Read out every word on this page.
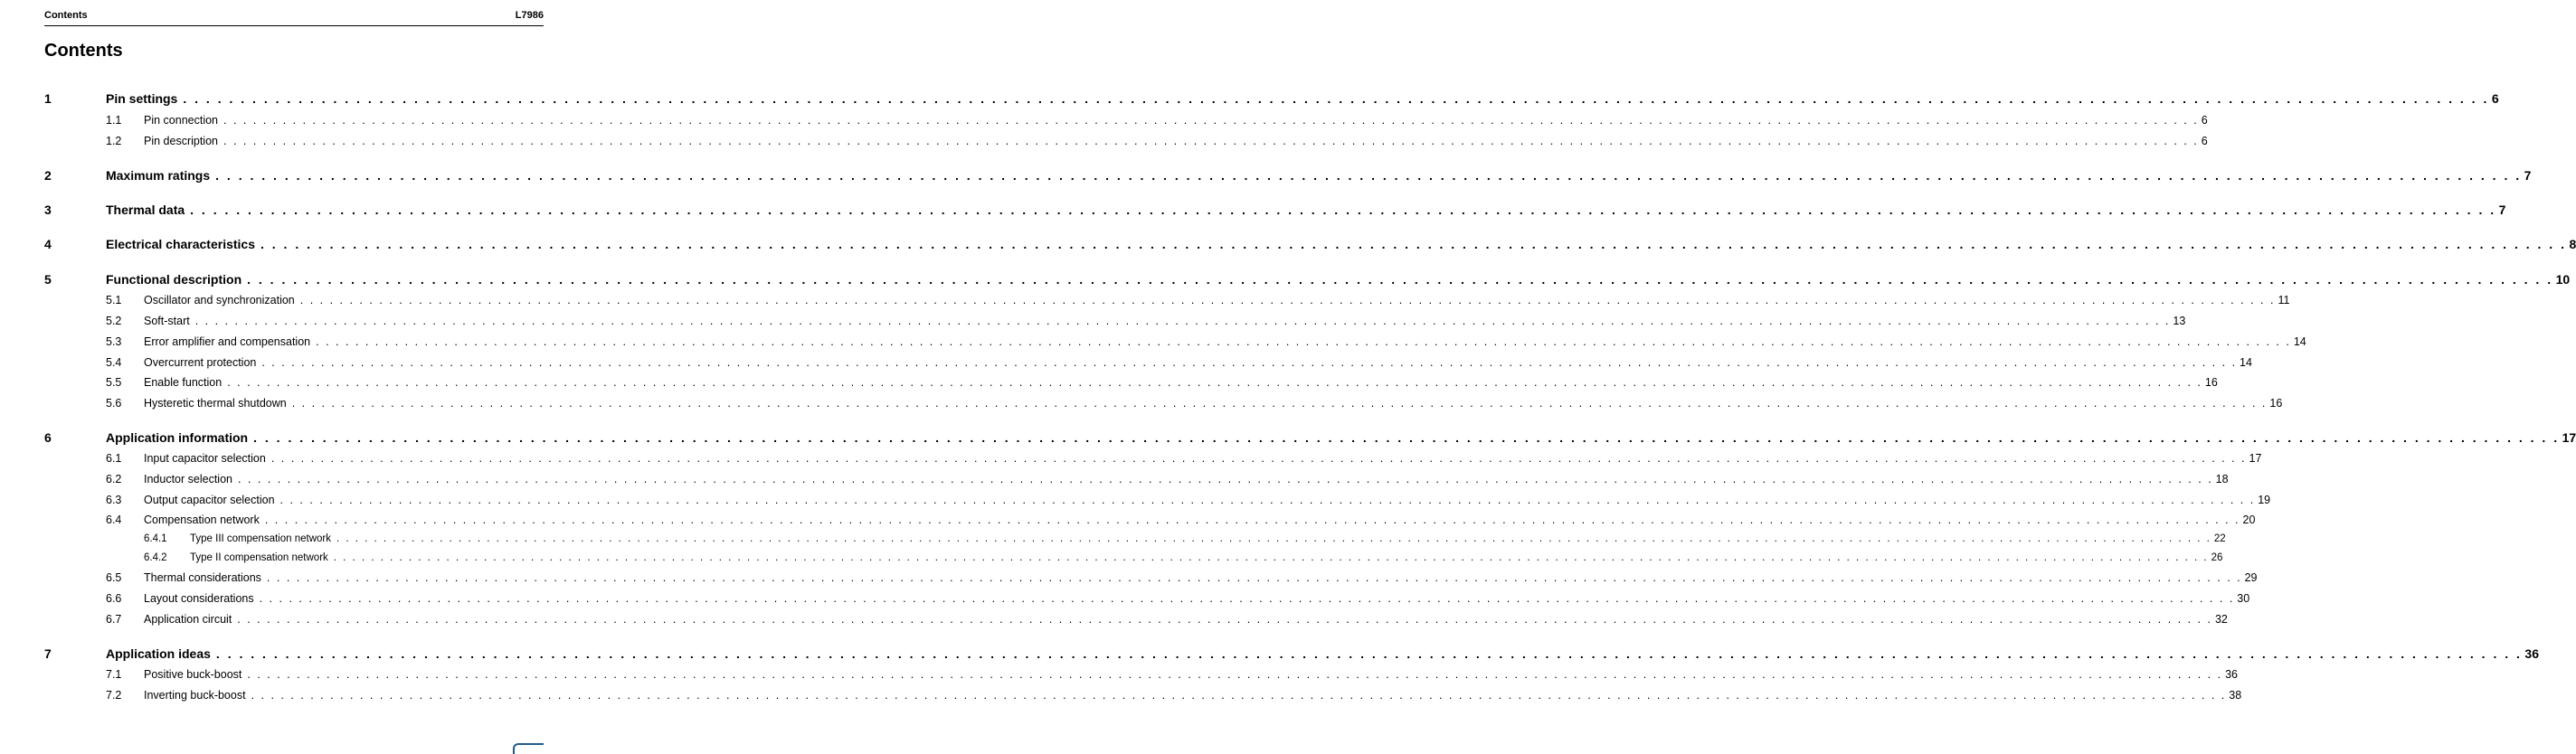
Contents	L7986
Contents
1	Pin settings . . . . . . . . . . . . . . . . . . . . . . . . . . . . . . . . . . . . . . . . . . . . . . . . . . . . . . . . . . . . . . . . . . . . . . . . . . . . . . . . . . . . . . . . . . . . . . . . . . . . . . . . . . . . . . . . . . . . . . . . . . . . . . . . . . . . . . . . . . . . . . . . . . . . . . . . . . . . . . . . . . . . . . . . . . . . . . . . . . . . . . . . . . . . . . . . . . . . . . . . 6
1.1 Pin connection . . . . . . . . . . . . . . . . . . . . . . . . . . . . . . . . . . . . . . . . . . . . . . . . . . . . . . . . . . . . . . . . . . . . . . . . . . . . . . . . . . . . . . . . . . . . . . . . . . . . . . . . . . . . . . . . . . . . . . . . . . . . . . . . . . . . . . . . . . . . . . . . . . . . . . . . . . . . . . . . . . . . . . . . . . . . . . . . . . . . . . . . . . . . . . . . . . . . . . . . 6
1.2 Pin description . . . . . . . . . . . . . . . . . . . . . . . . . . . . . . . . . . . . . . . . . . . . . . . . . . . . . . . . . . . . . . . . . . . . . . . . . . . . . . . . . . . . . . . . . . . . . . . . . . . . . . . . . . . . . . . . . . . . . . . . . . . . . . . . . . . . . . . . . . . . . . . . . . . . . . . . . . . . . . . . . . . . . . . . . . . . . . . . . . . . . . . . . . . . . . . . . . . . . . . . 6
2	Maximum ratings . . . . . . . . . . . . . . . . . . . . . . . . . . . . . . . . . . . . . . . . . . . . . . . . . . . . . . . . . . . . . . . . . . . . . . . . . . . . . . . . . . . . . . . . . . . . . . . . . . . . . . . . . . . . . . . . . . . . . . . . . . . . . . . . . . . . . . . . . . . . . . . . . . . . . . . . . . . . . . . . . . . . . . . . . . . . . . . . . . . . . . . . . . . . . . . . . . . . . . . . 7
3	Thermal data . . . . . . . . . . . . . . . . . . . . . . . . . . . . . . . . . . . . . . . . . . . . . . . . . . . . . . . . . . . . . . . . . . . . . . . . . . . . . . . . . . . . . . . . . . . . . . . . . . . . . . . . . . . . . . . . . . . . . . . . . . . . . . . . . . . . . . . . . . . . . . . . . . . . . . . . . . . . . . . . . . . . . . . . . . . . . . . . . . . . . . . . . . . . . . . . . . . . . . . . 7
4	Electrical characteristics . . . . . . . . . . . . . . . . . . . . . . . . . . . . . . . . . . . . . . . . . . . . . . . . . . . . . . . . . . . . . . . . . . . . . . . . . . . . . . . . . . . . . . . . . . . . . . . . . . . . . . . . . . . . . . . . . . . . . . . . . . . . . . . . . . . . . . . . . . . . . . . . . . . . . . . . . . . . . . . . . . . . . . . . . . . . . . . . . . . . . . . . . . . . . . . . . . . . . . . . 8
5	Functional description . . . . . . . . . . . . . . . . . . . . . . . . . . . . . . . . . . . . . . . . . . . . . . . . . . . . . . . . . . . . . . . . . . . . . . . . . . . . . . . . . . . . . . . . . . . . . . . . . . . . . . . . . . . . . . . . . . . . . . . . . . . . . . . . . . . . . . . . . . . . . . . . . . . . . . . . . . . . . . . . . . . . . . . . . . . . . . . . . . . . . . . . . . . . . . . . . . . . . . . . 10
5.1 Oscillator and synchronization . . . . . . . . . . . . . . . . . . . . . . . . . . . . . . . . . . . . . . . . . . . . . . . . . . . . . . . . . . . . . . . . . . . . . . . . . . . . . . . . . . . . . . . . . . . . . . . . . . . . . . . . . . . . . . . . . . . . . . . . . . . . . . . . . . . . . . . . . . . . . . . . . . . . . . . . . . . . . . . . . . . . . . . . . . . . . . . . . . . . . . . . . . . . . . . . . . . . . . . . 11
5.2 Soft-start . . . . . . . . . . . . . . . . . . . . . . . . . . . . . . . . . . . . . . . . . . . . . . . . . . . . . . . . . . . . . . . . . . . . . . . . . . . . . . . . . . . . . . . . . . . . . . . . . . . . . . . . . . . . . . . . . . . . . . . . . . . . . . . . . . . . . . . . . . . . . . . . . . . . . . . . . . . . . . . . . . . . . . . . . . . . . . . . . . . . . . . . . . . . . . . . . . . . . . . . 13
5.3 Error amplifier and compensation . . . . . . . . . . . . . . . . . . . . . . . . . . . . . . . . . . . . . . . . . . . . . . . . . . . . . . . . . . . . . . . . . . . . . . . . . . . . . . . . . . . . . . . . . . . . . . . . . . . . . . . . . . . . . . . . . . . . . . . . . . . . . . . . . . . . . . . . . . . . . . . . . . . . . . . . . . . . . . . . . . . . . . . . . . . . . . . . . . . . . . . . . . . . . . . . . . . . . . . . 14
5.4 Overcurrent protection . . . . . . . . . . . . . . . . . . . . . . . . . . . . . . . . . . . . . . . . . . . . . . . . . . . . . . . . . . . . . . . . . . . . . . . . . . . . . . . . . . . . . . . . . . . . . . . . . . . . . . . . . . . . . . . . . . . . . . . . . . . . . . . . . . . . . . . . . . . . . . . . . . . . . . . . . . . . . . . . . . . . . . . . . . . . . . . . . . . . . . . . . . . . . . . . . . . . . . . . 14
5.5 Enable function . . . . . . . . . . . . . . . . . . . . . . . . . . . . . . . . . . . . . . . . . . . . . . . . . . . . . . . . . . . . . . . . . . . . . . . . . . . . . . . . . . . . . . . . . . . . . . . . . . . . . . . . . . . . . . . . . . . . . . . . . . . . . . . . . . . . . . . . . . . . . . . . . . . . . . . . . . . . . . . . . . . . . . . . . . . . . . . . . . . . . . . . . . . . . . . . . . . . . . . . 16
5.6 Hysteretic thermal shutdown . . . . . . . . . . . . . . . . . . . . . . . . . . . . . . . . . . . . . . . . . . . . . . . . . . . . . . . . . . . . . . . . . . . . . . . . . . . . . . . . . . . . . . . . . . . . . . . . . . . . . . . . . . . . . . . . . . . . . . . . . . . . . . . . . . . . . . . . . . . . . . . . . . . . . . . . . . . . . . . . . . . . . . . . . . . . . . . . . . . . . . . . . . . . . . . . . . . . . . . . 16
6	Application information . . . . . . . . . . . . . . . . . . . . . . . . . . . . . . . . . . . . . . . . . . . . . . . . . . . . . . . . . . . . . . . . . . . . . . . . . . . . . . . . . . . . . . . . . . . . . . . . . . . . . . . . . . . . . . . . . . . . . . . . . . . . . . . . . . . . . . . . . . . . . . . . . . . . . . . . . . . . . . . . . . . . . . . . . . . . . . . . . . . . . . . . . . . . . . . . . . . . . . . . 17
6.1 Input capacitor selection . . . . . . . . . . . . . . . . . . . . . . . . . . . . . . . . . . . . . . . . . . . . . . . . . . . . . . . . . . . . . . . . . . . . . . . . . . . . . . . . . . . . . . . . . . . . . . . . . . . . . . . . . . . . . . . . . . . . . . . . . . . . . . . . . . . . . . . . . . . . . . . . . . . . . . . . . . . . . . . . . . . . . . . . . . . . . . . . . . . . . . . . . . . . . . . . . . . . . . . . 17
6.2 Inductor selection . . . . . . . . . . . . . . . . . . . . . . . . . . . . . . . . . . . . . . . . . . . . . . . . . . . . . . . . . . . . . . . . . . . . . . . . . . . . . . . . . . . . . . . . . . . . . . . . . . . . . . . . . . . . . . . . . . . . . . . . . . . . . . . . . . . . . . . . . . . . . . . . . . . . . . . . . . . . . . . . . . . . . . . . . . . . . . . . . . . . . . . . . . . . . . . . . . . . . . . . 18
6.3 Output capacitor selection . . . . . . . . . . . . . . . . . . . . . . . . . . . . . . . . . . . . . . . . . . . . . . . . . . . . . . . . . . . . . . . . . . . . . . . . . . . . . . . . . . . . . . . . . . . . . . . . . . . . . . . . . . . . . . . . . . . . . . . . . . . . . . . . . . . . . . . . . . . . . . . . . . . . . . . . . . . . . . . . . . . . . . . . . . . . . . . . . . . . . . . . . . . . . . . . . . . . . . . . 19
6.4 Compensation network . . . . . . . . . . . . . . . . . . . . . . . . . . . . . . . . . . . . . . . . . . . . . . . . . . . . . . . . . . . . . . . . . . . . . . . . . . . . . . . . . . . . . . . . . . . . . . . . . . . . . . . . . . . . . . . . . . . . . . . . . . . . . . . . . . . . . . . . . . . . . . . . . . . . . . . . . . . . . . . . . . . . . . . . . . . . . . . . . . . . . . . . . . . . . . . . . . . . . . . . 20
6.4.1 Type III compensation network . . . . . . . . . . . . . . . . . . . . . . . . . . . . . . . . . . . . . . . . . . . . . . . . . . . . . . . . . . . . . . . . . . . . . . . . . . . . . . . . . . . . . . . . . . . . . . . . . . . . . . . . . . . . . . . . . . . . . . . . . . . . . . . . . . . . . . . . . . . . . . . . . . . . . . . . . . . . . . . . . . . . . . . . . . . . . . . . . . . . . . . . . . . . . . . . . . . . . . . . 22
6.4.2 Type II compensation network . . . . . . . . . . . . . . . . . . . . . . . . . . . . . . . . . . . . . . . . . . . . . . . . . . . . . . . . . . . . . . . . . . . . . . . . . . . . . . . . . . . . . . . . . . . . . . . . . . . . . . . . . . . . . . . . . . . . . . . . . . . . . . . . . . . . . . . . . . . . . . . . . . . . . . . . . . . . . . . . . . . . . . . . . . . . . . . . . . . . . . . . . . . . . . . . . . . . . . . . 26
6.5 Thermal considerations . . . . . . . . . . . . . . . . . . . . . . . . . . . . . . . . . . . . . . . . . . . . . . . . . . . . . . . . . . . . . . . . . . . . . . . . . . . . . . . . . . . . . . . . . . . . . . . . . . . . . . . . . . . . . . . . . . . . . . . . . . . . . . . . . . . . . . . . . . . . . . . . . . . . . . . . . . . . . . . . . . . . . . . . . . . . . . . . . . . . . . . . . . . . . . . . . . . . . . . . 29
6.6 Layout considerations . . . . . . . . . . . . . . . . . . . . . . . . . . . . . . . . . . . . . . . . . . . . . . . . . . . . . . . . . . . . . . . . . . . . . . . . . . . . . . . . . . . . . . . . . . . . . . . . . . . . . . . . . . . . . . . . . . . . . . . . . . . . . . . . . . . . . . . . . . . . . . . . . . . . . . . . . . . . . . . . . . . . . . . . . . . . . . . . . . . . . . . . . . . . . . . . . . . . . . . . 30
6.7 Application circuit . . . . . . . . . . . . . . . . . . . . . . . . . . . . . . . . . . . . . . . . . . . . . . . . . . . . . . . . . . . . . . . . . . . . . . . . . . . . . . . . . . . . . . . . . . . . . . . . . . . . . . . . . . . . . . . . . . . . . . . . . . . . . . . . . . . . . . . . . . . . . . . . . . . . . . . . . . . . . . . . . . . . . . . . . . . . . . . . . . . . . . . . . . . . . . . . . . . . . . . . 32
7	Application ideas . . . . . . . . . . . . . . . . . . . . . . . . . . . . . . . . . . . . . . . . . . . . . . . . . . . . . . . . . . . . . . . . . . . . . . . . . . . . . . . . . . . . . . . . . . . . . . . . . . . . . . . . . . . . . . . . . . . . . . . . . . . . . . . . . . . . . . . . . . . . . . . . . . . . . . . . . . . . . . . . . . . . . . . . . . . . . . . . . . . . . . . . . . . . . . . . . . . . . . . . 36
7.1 Positive buck-boost . . . . . . . . . . . . . . . . . . . . . . . . . . . . . . . . . . . . . . . . . . . . . . . . . . . . . . . . . . . . . . . . . . . . . . . . . . . . . . . . . . . . . . . . . . . . . . . . . . . . . . . . . . . . . . . . . . . . . . . . . . . . . . . . . . . . . . . . . . . . . . . . . . . . . . . . . . . . . . . . . . . . . . . . . . . . . . . . . . . . . . . . . . . . . . . . . . . . . . . . 36
7.2 Inverting buck-boost . . . . . . . . . . . . . . . . . . . . . . . . . . . . . . . . . . . . . . . . . . . . . . . . . . . . . . . . . . . . . . . . . . . . . . . . . . . . . . . . . . . . . . . . . . . . . . . . . . . . . . . . . . . . . . . . . . . . . . . . . . . . . . . . . . . . . . . . . . . . . . . . . . . . . . . . . . . . . . . . . . . . . . . . . . . . . . . . . . . . . . . . . . . . . . . . . . . . . . . . 38
